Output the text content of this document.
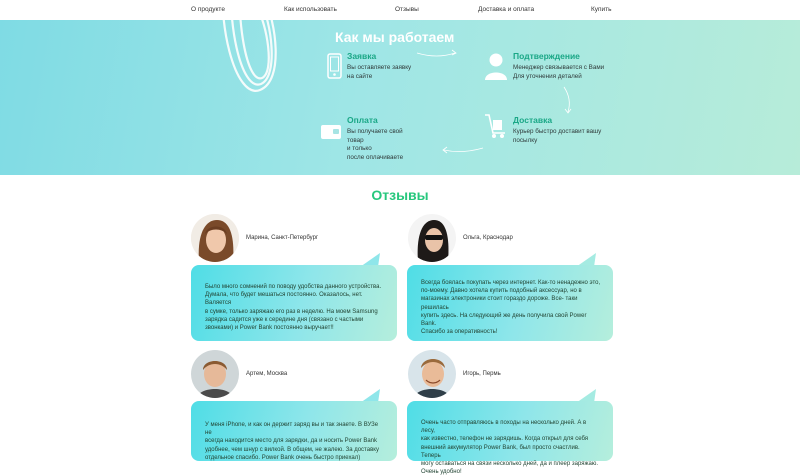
О продукте	Как использовать	Отзывы	Доставка и оплата	Купить
Как мы работаем
Заявка
Вы оставляете заявку
на сайте
Подтверждение
Менеджер связывается с Вами
Для уточнения деталей
Оплата
Вы получаете свой
товар
и только
после оплачиваете
Доставка
Курьер быстро доставит вашу
посылку
Отзывы
Марина, Санкт-Петербург
Было много сомнений по поводу удобства данного устройства.
Думала, что будет мешаться постоянно. Оказалось, нет. Валяется
в сумке, только заряжаю его раз в неделю. На моем Samsung
зарядка садится уже к середине дня (связано с частыми
звонками) и Power Bank постоянно выручает!!
Ольга, Краснодар
Всегда боялась покупать через интернет. Как-то ненадежно это,
по-моему. Давно хотела купить подобный аксессуар, но в
магазинах электроники стоит гораздо дороже. Все- таки решилась
купить здесь. На следующий же день получила свой Power Bank.
Спасибо за оперативность!
Артем, Москва
У меня iPhone, и как он держит заряд вы и так знаете. В ВУЗе не
всегда находится место для зарядки, да и носить Power Bank
удобнее, чем шнур с вилкой. В общем, не жалею. За доставку
отдельное спасибо. Power Bank очень быстро приехал)
Игорь, Пермь
Очень часто отправляюсь в походы на несколько дней. А в лесу,
как известно, телефон не зарядишь. Когда открыл для себя
внешний аккумулятор Power Bank, был просто счастлив. Теперь
могу оставаться на связи несколько дней, да и плеер заряжаю.
Очень удобно!
